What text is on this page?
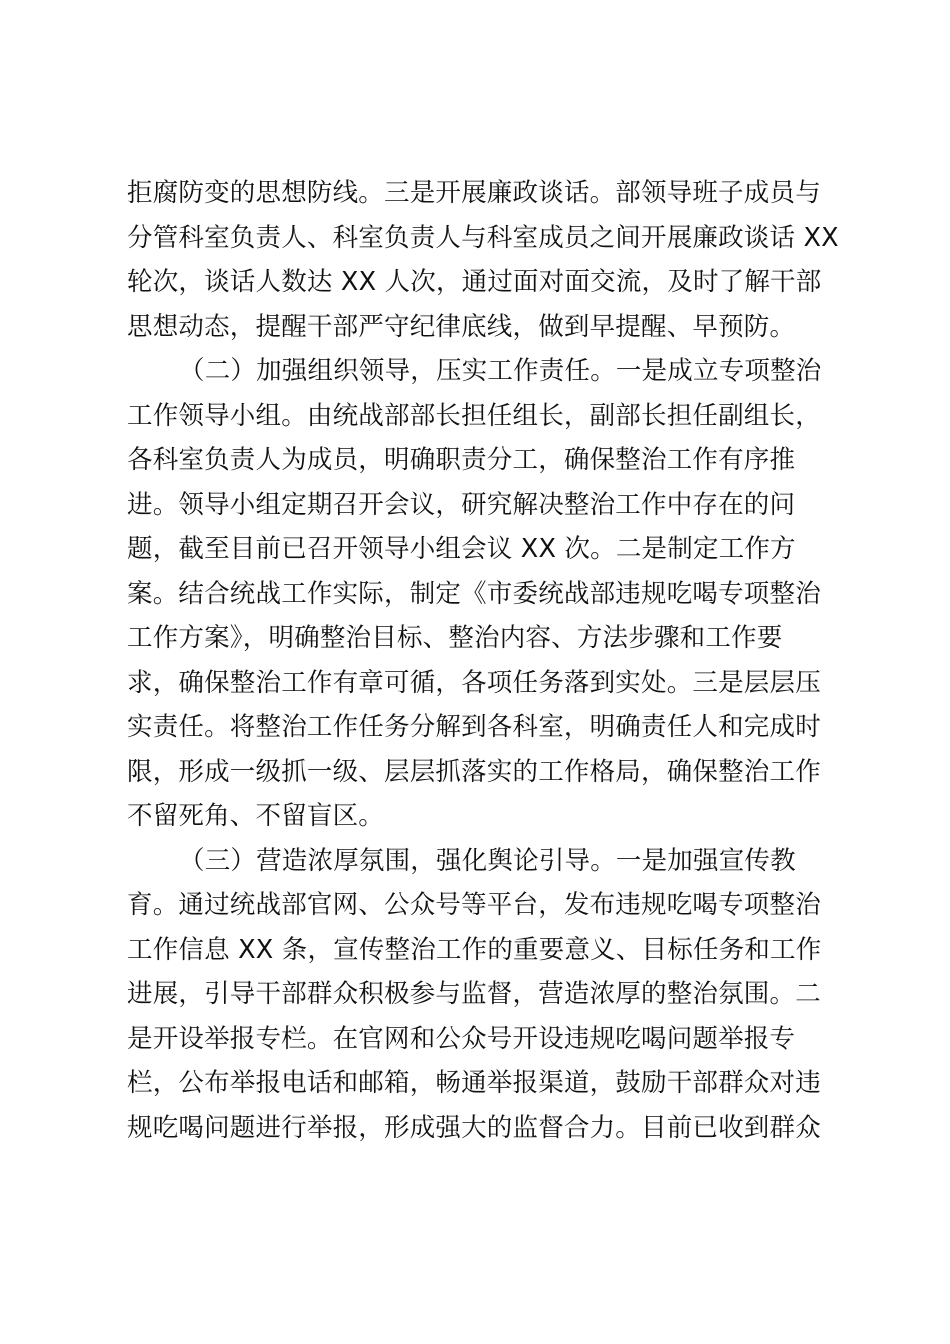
拒腐防变的思想防线。三是开展廉政谈话。部领导班子成员与
分管科室负责人、科室负责人与科室成员之间开展廉政谈话 XX
轮次，谈话人数达 XX 人次，通过面对面交流，及时了解干部
思想动态，提醒干部严守纪律底线，做到早提醒、早预防。
（二）加强组织领导，压实工作责任。一是成立专项整治
工作领导小组。由统战部部长担任组长，副部长担任副组长，
各科室负责人为成员，明确职责分工，确保整治工作有序推
进。领导小组定期召开会议，研究解决整治工作中存在的问
题，截至目前已召开领导小组会议 XX 次。二是制定工作方
案。结合统战工作实际，制定《市委统战部违规吃喝专项整治
工作方案》，明确整治目标、整治内容、方法步骤和工作要
求，确保整治工作有章可循，各项任务落到实处。三是层层压
实责任。将整治工作任务分解到各科室，明确责任人和完成时
限，形成一级抓一级、层层抓落实的工作格局，确保整治工作
不留死角、不留盲区。
（三）营造浓厚氛围，强化舆论引导。一是加强宣传教
育。通过统战部官网、公众号等平台，发布违规吃喝专项整治
工作信息 XX 条，宣传整治工作的重要意义、目标任务和工作
进展，引导干部群众积极参与监督，营造浓厚的整治氛围。二
是开设举报专栏。在官网和公众号开设违规吃喝问题举报专
栏，公布举报电话和邮箱，畅通举报渠道，鼓励干部群众对违
规吃喝问题进行举报，形成强大的监督合力。目前已收到群众
